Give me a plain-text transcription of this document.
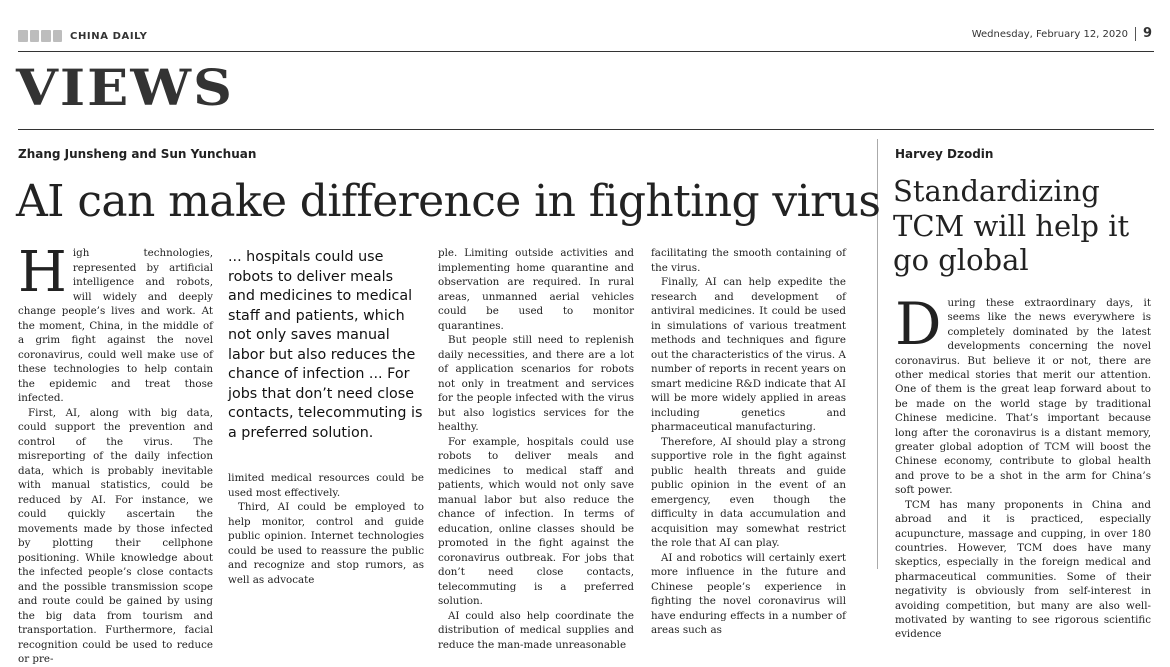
CHINA DAILY	Wednesday, February 12, 2020	9
VIEWS
Zhang Junsheng and Sun Yunchuan
AI can make difference in fighting virus
H igh technologies, represented by artificial intelligence and robots, will widely and deeply change people’s lives and work. At the moment, China, in the middle of a grim fight against the novel coronavirus, could well make use of these technologies to help contain the epidemic and treat those infected.

First, AI, along with big data, could support the prevention and control of the virus. The misreporting of the daily infection data, which is probably inevitable with manual statistics, could be reduced by AI. For instance, we could quickly ascertain the movements made by those infected by plotting their cellphone positioning. While knowledge about the infected people’s close contacts and the possible transmission scope and route could be gained by using the big data from tourism and transportation. Furthermore, facial recognition could be used to reduce or pre-

... hospitals could use robots to deliver meals and medicines to medical staff and patients, which not only saves manual labor but also reduces the chance of infection ... For jobs that don’t need close contacts, telecommuting is a preferred solution.

limited medical resources could be used most effectively.

Third, AI could be employed to help monitor, control and guide public opinion. Internet technologies could be used to reassure the public and recognize and stop rumors, as well as advocate

ple. Limiting outside activities and implementing home quarantine and observation are required. In rural areas, unmanned aerial vehicles could be used to monitor quarantines.

But people still need to replenish daily necessities, and there are a lot of application scenarios for robots not only in treatment and services for the people infected with the virus but also logistics services for the healthy.

For example, hospitals could use robots to deliver meals and medicines to medical staff and patients, which would not only save manual labor but also reduce the chance of infection. In terms of education, online classes should be promoted in the fight against the coronavirus outbreak. For jobs that don’t need close contacts, telecommuting is a preferred solution.

AI could also help coordinate the distribution of medical supplies and reduce the man-made unreasonable

facilitating the smooth containing of the virus.

Finally, AI can help expedite the research and development of antiviral medicines. It could be used in simulations of various treatment methods and techniques and figure out the characteristics of the virus. A number of reports in recent years on smart medicine R&D indicate that AI will be more widely applied in areas including genetics and pharmaceutical manufacturing.

Therefore, AI should play a strong supportive role in the fight against public health threats and guide public opinion in the event of an emergency, even though the difficulty in data accumulation and acquisition may somewhat restrict the role that AI can play.

AI and robotics will certainly exert more influence in the future and Chinese people’s experience in fighting the novel coronavirus will have enduring effects in a number of areas such as

Harvey Dzodin
Standardizing TCM will help it go global
D uring these extraordinary days, it seems like the news everywhere is completely dominated by the latest developments concerning the novel coronavirus. But believe it or not, there are other medical stories that merit our attention. One of them is the great leap forward about to be made on the world stage by traditional Chinese medicine. That’s important because long after the coronavirus is a distant memory, greater global adoption of TCM will boost the Chinese economy, contribute to global health and prove to be a shot in the arm for China’s soft power.

TCM has many proponents in China and abroad and it is practiced, especially acupuncture, massage and cupping, in over 180 countries. However, TCM does have many skeptics, especially in the foreign medical and pharmaceutical communities. Some of their negativity is obviously from self-interest in avoiding competition, but many are also well-motivated by wanting to see rigorous scientific evidence
